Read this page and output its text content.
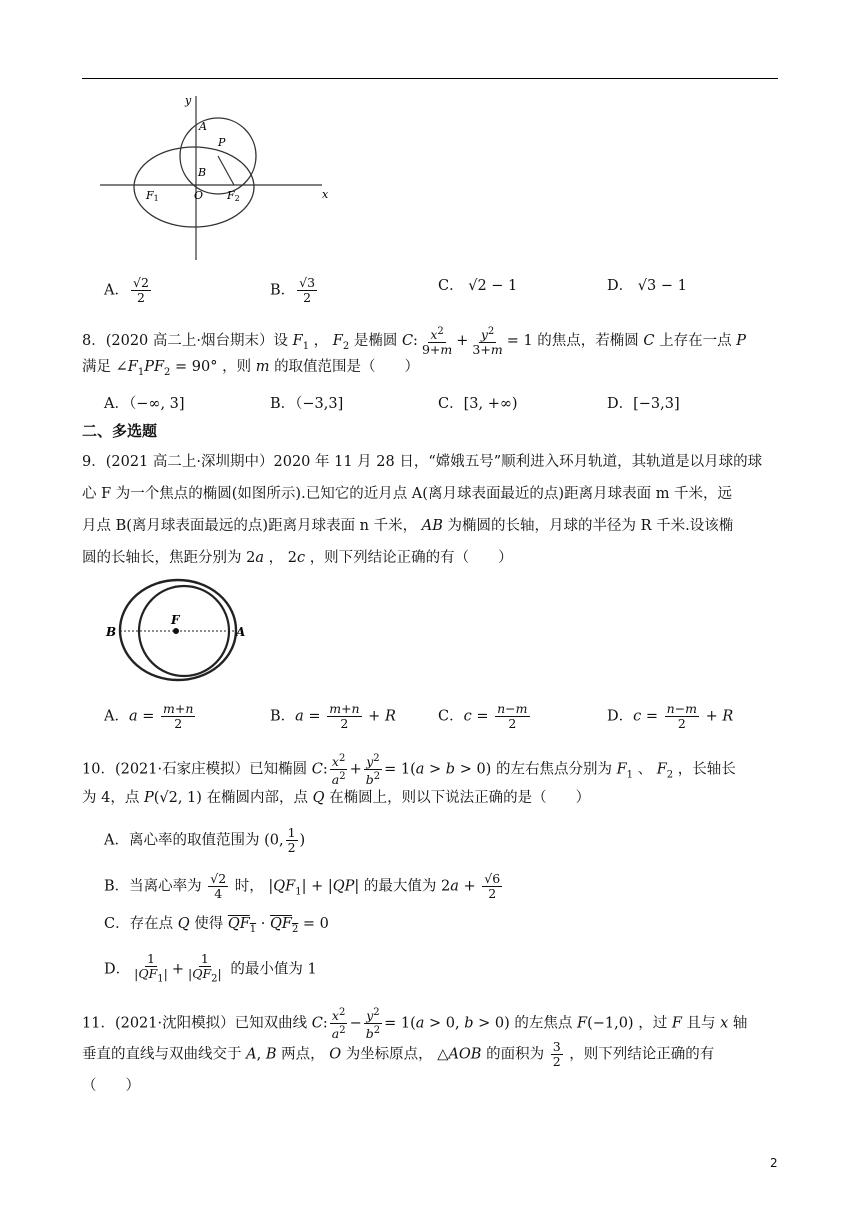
y
x
A
P
B
O
F1	F2
A． $\frac{√2}{2}$	B． $\frac{√3}{2}$	C． √2 − 1	D． √3 − 1
8．(2020 高二上·烟台期末）设 $F_1$ ， $F_2$ 是椭圆 C: $\frac{x^2}{9+m} + \frac{y^2}{3+m} = 1$ 的焦点，若椭圆 C 上存在一点 P
满足 $\angle F_1PF_2 = 90^\circ$ ，则 m 的取值范围是（　　）
A．（−∞, 3]	B．（−3,3]	C．[3, +∞)	D．[−3,3]
二、多选题
9．(2021 高二上·深圳期中）2020 年 11 月 28 日，“嫦娥五号”顺利进入环月轨道，其轨道是以月球的球
心 F 为一个焦点的椭圆(如图所示).已知它的近月点 A(离月球表面最近的点)距离月球表面 m 千米，远
月点 B(离月球表面最远的点)距离月球表面 n 千米， AB 为椭圆的长轴，月球的半径为 R 千米.设该椭
圆的长轴长，焦距分别为 2a ， 2c ，则下列结论正确的有（　　）
B
F
A
A．$a = \frac{m+n}{2}$	B．$a = \frac{m+n}{2} + R$	C．$c = \frac{n-m}{2}$	D．$c = \frac{n-m}{2} + R$
10．(2021·石家庄模拟）已知椭圆 C: $\frac{x^2}{a^2} + \frac{y^2}{b^2} = 1(a > b > 0)$ 的左右焦点分别为 $F_1$ 、 $F_2$ ，长轴长
为 4，点 P(√2, 1) 在椭圆内部，点 Q 在椭圆上，则以下说法正确的是（　　）
A．离心率的取值范围为 (0, $\frac{1}{2}$ )
B．当离心率为 $\frac{√2}{4}$ 时， $|QF_1| + |QP|$ 的最大值为 $2a + \frac{√6}{2}$
C．存在点 Q 使得 $QF_1 \cdot QF_2 = 0$
D． $\frac{1}{|QF_1|} + \frac{1}{|QF_2|}$ 的最小值为 1
11．(2021·沈阳模拟）已知双曲线 C: $\frac{x^2}{a^2} - \frac{y^2}{b^2} = 1(a > 0$, b > 0) 的左焦点 F(−1,0) ，过 F 且与 x 轴
垂直的直线与双曲线交于 A, B 两点， O 为坐标原点， △AOB 的面积为 $\frac{3}{2}$ ，则下列结论正确的有
（　　）
2
